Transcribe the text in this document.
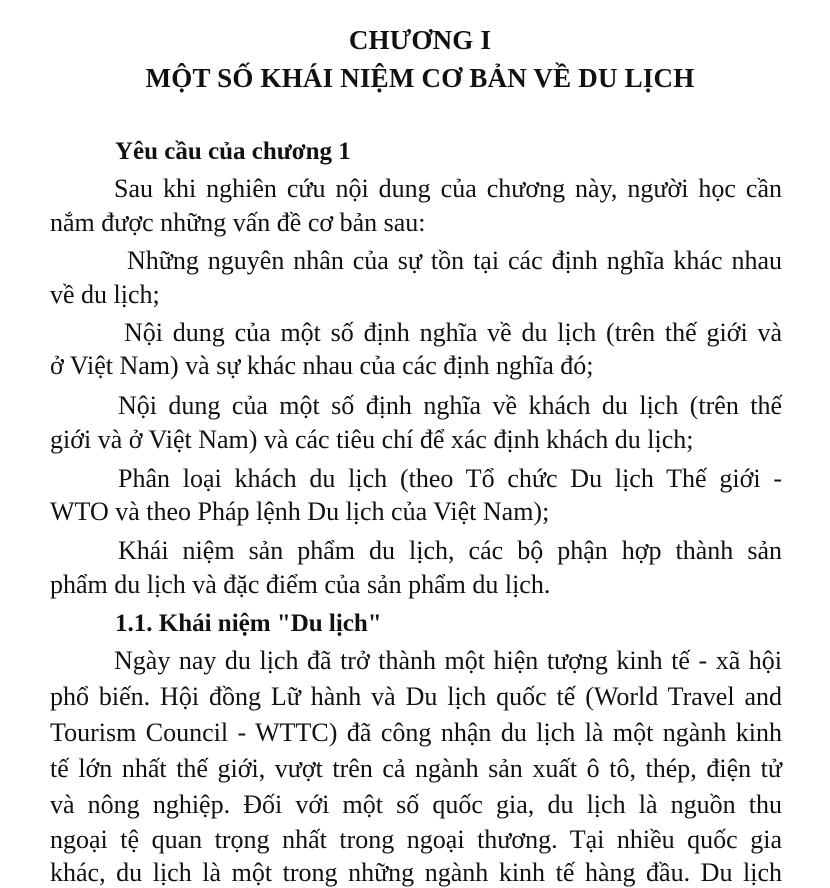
CHƯƠNG I
MỘT SỐ KHÁI NIỆM CƠ BẢN VỀ DU LỊCH
Yêu cầu của chương 1
Sau khi nghiên cứu nội dung của chương này, người học cần
nắm được những vấn đề cơ bản sau:
Những nguyên nhân của sự tồn tại các định nghĩa khác nhau
về du lịch;
Nội dung của một số định nghĩa về du lịch (trên thế giới và
ở Việt Nam) và sự khác nhau của các định nghĩa đó;
Nội dung của một số định nghĩa về khách du lịch (trên thế
giới và ở Việt Nam) và các tiêu chí để xác định khách du lịch;
Phân loại khách du lịch (theo Tổ chức Du lịch Thế giới -
WTO và theo Pháp lệnh Du lịch của Việt Nam);
Khái niệm sản phẩm du lịch, các bộ phận hợp thành sản
phẩm du lịch và đặc điểm của sản phẩm du lịch.
1.1. Khái niệm "Du lịch"
Ngày nay du lịch đã trở thành một hiện tượng kinh tế - xã hội
phổ biến. Hội đồng Lữ hành và Du lịch quốc tế (World Travel and
Tourism Council - WTTC) đã công nhận du lịch là một ngành kinh
tế lớn nhất thế giới, vượt trên cả ngành sản xuất ô tô, thép, điện tử
và nông nghiệp. Đối với một số quốc gia, du lịch là nguồn thu
ngoại tệ quan trọng nhất trong ngoại thương. Tại nhiều quốc gia
khác, du lịch là một trong những ngành kinh tế hàng đầu. Du lịch
